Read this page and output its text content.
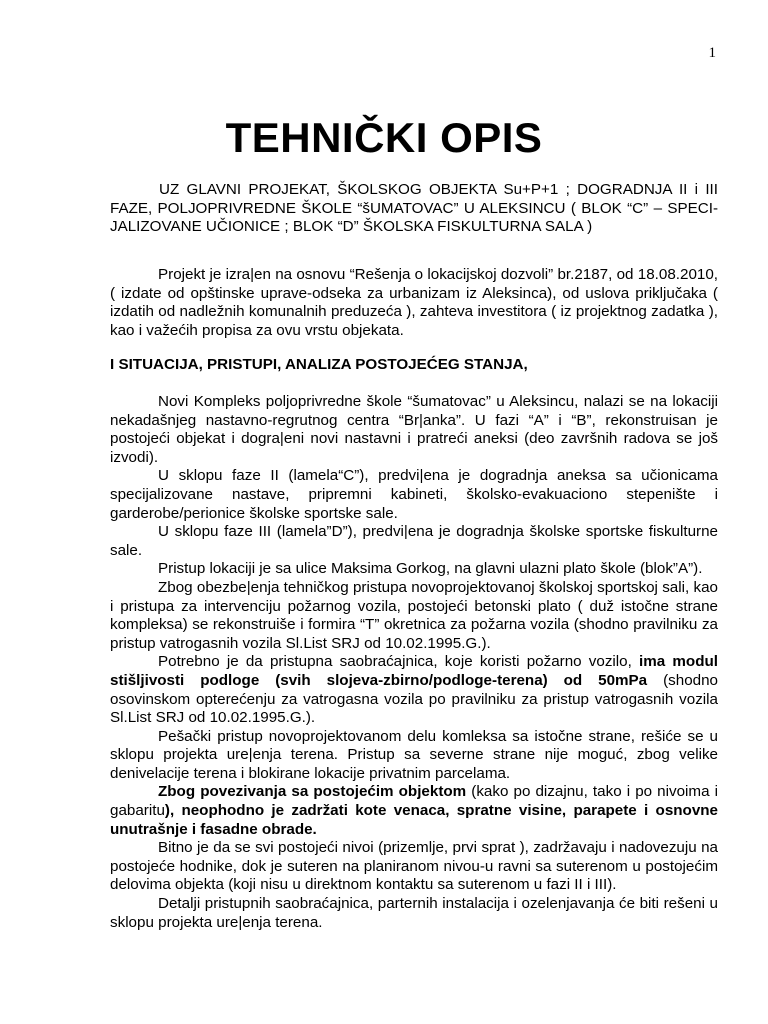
1
TEHNIČKI OPIS
UZ GLAVNI PROJEKAT, ŠKOLSKOG OBJEKTA Su+P+1 ; DOGRADNJA II i III FAZE, POLJOPRIVREDNE ŠKOLE “šUMATOVAC” U ALEKSINCU ( BLOK “C” – SPECI-JALIZOVANE UČIONICE ; BLOK “D” ŠKOLSKA FISKULTURNA SALA )
Projekt je izra|en na osnovu “Rešenja o lokacijskoj dozvoli” br.2187, od 18.08.2010,( izdate od opštinske uprave-odseka za urbanizam iz Aleksinca), od uslova priključaka ( izdatih od nadležnih komunalnih preduzeća ), zahteva investitora ( iz projektnog zadatka ), kao i važećih propisa za ovu vrstu objekata.
I SITUACIJA, PRISTUPI, ANALIZA POSTOJEĆEG STANJA,

Novi Kompleks poljoprivredne škole “šumatovac” u Aleksincu, nalazi se na lokaciji nekadašnjeg nastavno-regrutnog centra “Br|anka”. U fazi “A” i “B”, rekonstruisan je postojeći objekat i dogra|eni novi nastavni i pratreći aneksi (deo završnih radova se još izvodi).

U sklopu faze II (lamela“C”), predvi|ena je dogradnja aneksa sa učionicama specijalizovane nastave, pripremni kabineti, školsko-evakuaciono stepenište i garderobe/perionice školske sportske sale.

U sklopu faze III (lamela”D”), predvi|ena je dogradnja školske sportske fiskulturne sale.

Pristup lokaciji je sa ulice Maksima Gorkog, na glavni ulazni plato škole (blok”A”).

Zbog obezbe|enja tehničkog pristupa novoprojektovanoj školskoj sportskoj sali, kao i pristupa za intervenciju požarnog vozila, postojeći betonski plato ( duž istočne strane kompleksa) se rekonstruiše i formira “T” okretnica za požarna vozila (shodno pravilniku za pristup vatrogasnih vozila Sl.List SRJ od 10.02.1995.G.).

Potrebno je da pristupna saobraćajnica, koje koristi požarno vozilo, ima modul stišljivosti podloge (svih slojeva-zbirno/podloge-terena) od 50mPa (shodno osovinskom opterećenju za vatrogasna vozila po pravilniku za pristup vatrogasnih vozila Sl.List SRJ od 10.02.1995.G.).

Pešački pristup novoprojektovanom delu komleksa sa istočne strane, rešiće se u sklopu projekta ure|enja terena. Pristup sa severne strane nije moguć, zbog velike denivelacije terena i blokirane lokacije privatnim parcelama.

Zbog povezivanja sa postojećim objektom (kako po dizajnu, tako i po nivoima i gabaritu), neophodno je zadržati kote venaca, spratne visine, parapete i osnovne unutrašnje i fasadne obrade.

Bitno je da se svi postojeći nivoi (prizemlje, prvi sprat ), zadržavaju i nadovezuju na postojeće hodnike, dok je suteren na planiranom nivou-u ravni sa suterenom u postojećim delovima objekta (koji nisu u direktnom kontaktu sa suterenom u fazi II i III).

Detalji pristupnih saobraćajnica, parternih instalacija i ozelenjavanja će biti rešeni u sklopu projekta ure|enja terena.
